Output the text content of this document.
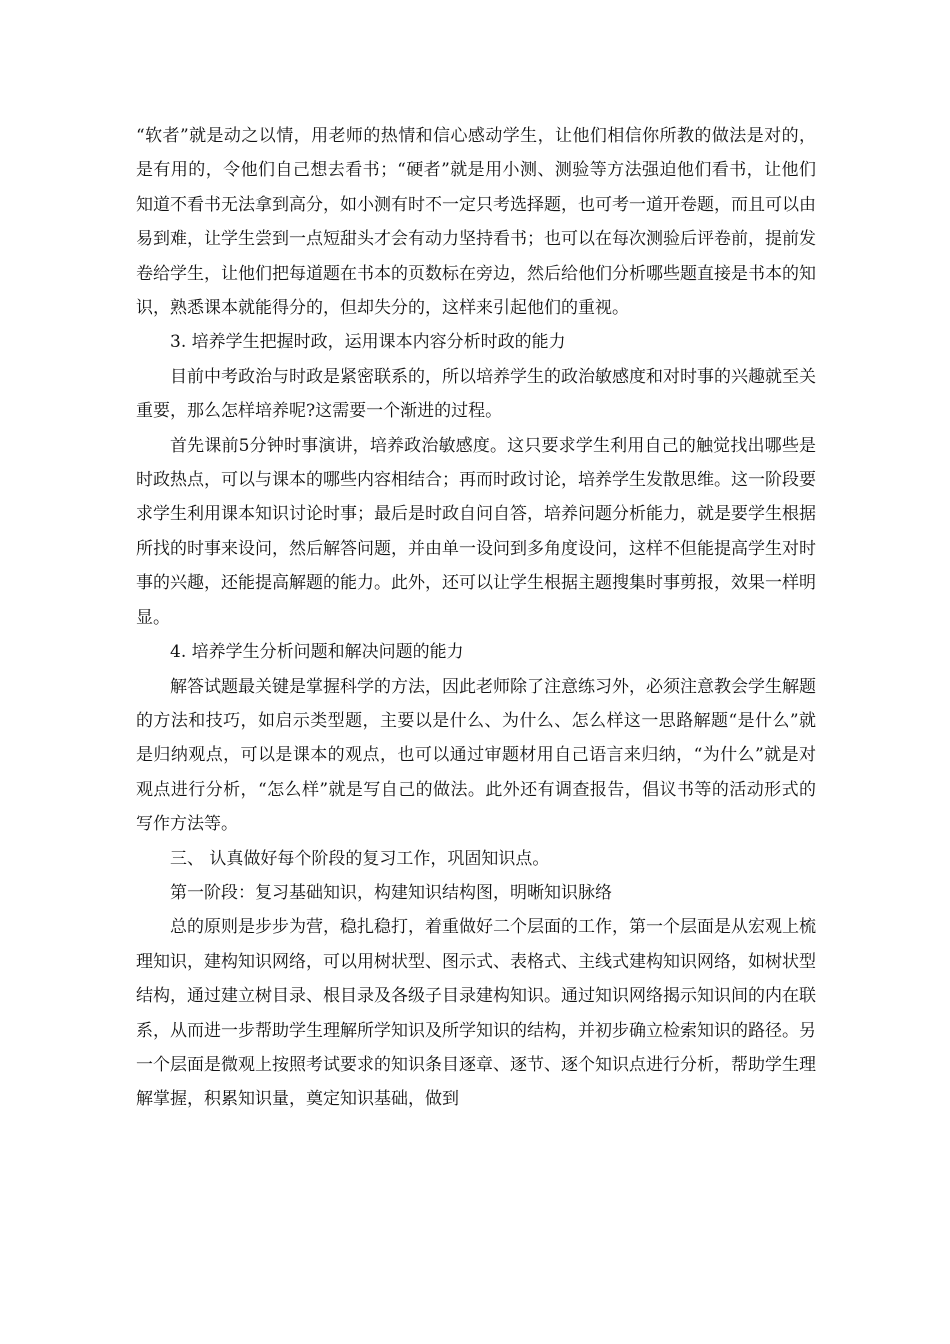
“软者”就是动之以情，用老师的热情和信心感动学生，让他们相信你所教的做法是对的，是有用的，令他们自己想去看书；“硬者”就是用小测、测验等方法强迫他们看书，让他们知道不看书无法拿到高分，如小测有时不一定只考选择题，也可考一道开卷题，而且可以由易到难，让学生尝到一点短甜头才会有动力坚持看书；也可以在每次测验后评卷前，提前发卷给学生，让他们把每道题在书本的页数标在旁边，然后给他们分析哪些题直接是书本的知识，熟悉课本就能得分的，但却失分的，这样来引起他们的重视。

3. 培养学生把握时政，运用课本内容分析时政的能力

目前中考政治与时政是紧密联系的，所以培养学生的政治敏感度和对时事的兴趣就至关重要，那么怎样培养呢?这需要一个渐进的过程。

首先课前5分钟时事演讲，培养政治敏感度。这只要求学生利用自己的触觉找出哪些是时政热点，可以与课本的哪些内容相结合；再而时政讨论，培养学生发散思维。这一阶段要求学生利用课本知识讨论时事；最后是时政自问自答，培养问题分析能力，就是要学生根据所找的时事来设问，然后解答问题，并由单一设问到多角度设问，这样不但能提高学生对时事的兴趣，还能提高解题的能力。此外，还可以让学生根据主题搜集时事剪报，效果一样明显。

4. 培养学生分析问题和解决问题的能力

解答试题最关键是掌握科学的方法，因此老师除了注意练习外，必须注意教会学生解题的方法和技巧，如启示类型题，主要以是什么、为什么、怎么样这一思路解题“是什么”就是归纳观点，可以是课本的观点，也可以通过审题材用自己语言来归纳，“为什么”就是对观点进行分析，“怎么样”就是写自己的做法。此外还有调查报告，倡议书等的活动形式的写作方法等。

三、 认真做好每个阶段的复习工作，巩固知识点。

第一阶段：复习基础知识，构建知识结构图，明晰知识脉络

总的原则是步步为营，稳扎稳打，着重做好二个层面的工作，第一个层面是从宏观上梳理知识，建构知识网络，可以用树状型、图示式、表格式、主线式建构知识网络，如树状型结构，通过建立树目录、根目录及各级子目录建构知识。通过知识网络揭示知识间的内在联系，从而进一步帮助学生理解所学知识及所学知识的结构，并初步确立检索知识的路径。另一个层面是微观上按照考试要求的知识条目逐章、逐节、逐个知识点进行分析，帮助学生理解掌握，积累知识量，奠定知识基础，做到
